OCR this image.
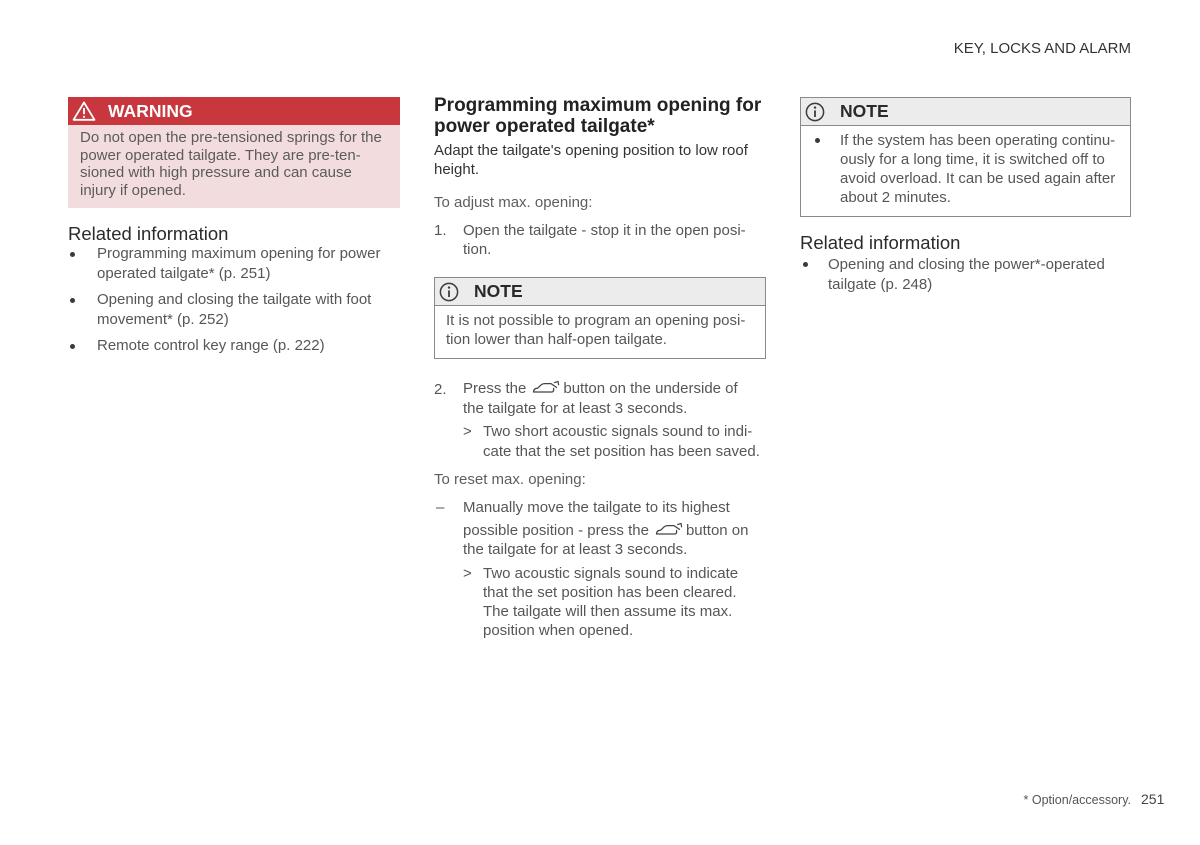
KEY, LOCKS AND ALARM
WARNING
Do not open the pre-tensioned springs for the
power operated tailgate. They are pre-ten-
sioned with high pressure and can cause
injury if opened.
Related information
Programming maximum opening for power
operated tailgate* (p. 251)
Opening and closing the tailgate with foot
movement* (p. 252)
Remote control key range (p. 222)
Programming maximum opening for
power operated tailgate*
Adapt the tailgate's opening position to low roof
height.
To adjust max. opening:
1. Open the tailgate - stop it in the open posi-
tion.
NOTE
It is not possible to program an opening posi-
tion lower than half-open tailgate.
2. Press the button on the underside of
the tailgate for at least 3 seconds.
> Two short acoustic signals sound to indi-
cate that the set position has been saved.
To reset max. opening:
– Manually move the tailgate to its highest
possible position - press the button on
the tailgate for at least 3 seconds.
> Two acoustic signals sound to indicate
that the set position has been cleared.
The tailgate will then assume its max.
position when opened.
NOTE
If the system has been operating continu-
ously for a long time, it is switched off to
avoid overload. It can be used again after
about 2 minutes.
Related information
Opening and closing the power*-operated
tailgate (p. 248)
* Option/accessory. 251
